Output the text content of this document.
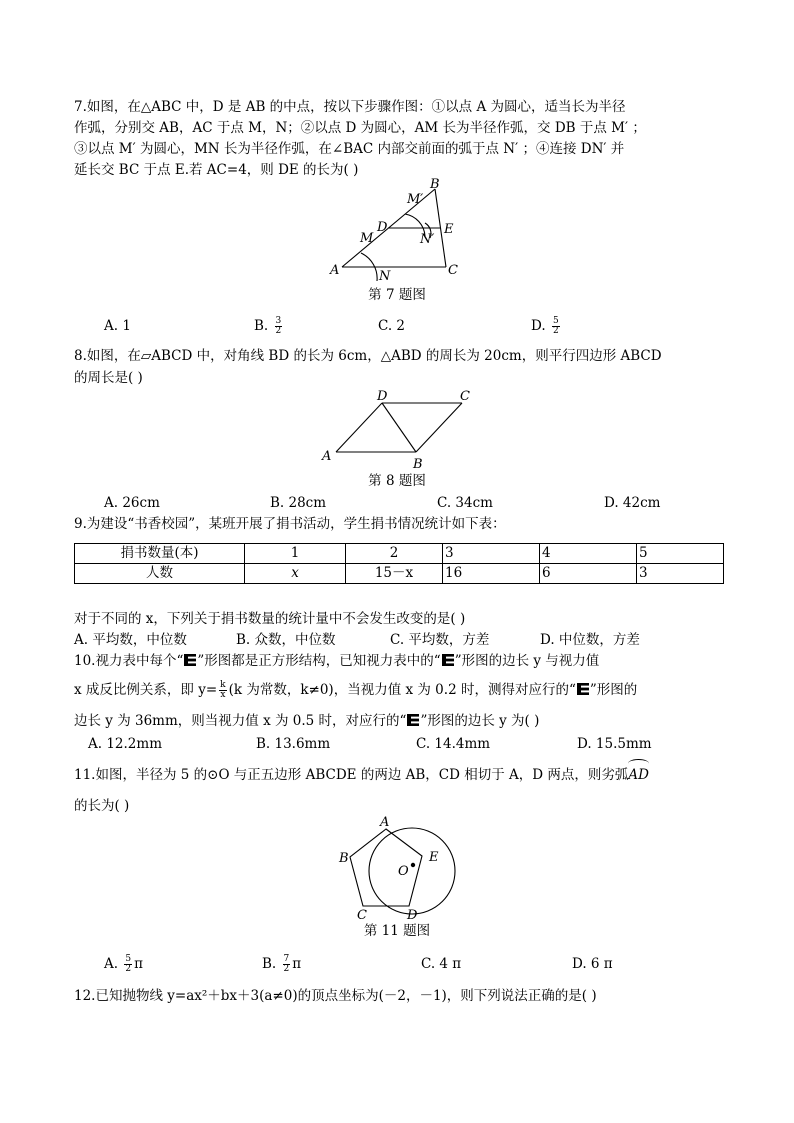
7.如图，在△ABC 中，D 是 AB 的中点，按以下步骤作图：①以点 A 为圆心，适当长为半径
作弧，分别交 AB，AC 于点 M，N；②以点 D 为圆心，AM 长为半径作弧，交 DB 于点 M′ ；
③以点 M′ 为圆心，MN 长为半径作弧，在∠BAC 内部交前面的弧于点 N′ ；④连接 DN′ 并
延长交 BC 于点 E.若 AC=4，则 DE 的长为( )
A
B
C
D	E
M
N
M′
N′
第 7 题图
A. 1	B. $\frac{3}{2}$	C. 2	D. $\frac{5}{2}$
8.如图，在▱ABCD 中，对角线 BD 的长为 6cm，△ABD 的周长为 20cm，则平行四边形 ABCD
的周长是( )
A
B
C
D
第 8 题图
A. 26cm	B. 28cm	C. 34cm	D. 42cm
9.为建设“书香校园”，某班开展了捐书活动，学生捐书情况统计如下表：
捐书数量(本)	1	2	3	4	5
人数	x	15－x	16	6	3
对于不同的 x，下列关于捐书数量的统计量中不会发生改变的是( )
A. 平均数，中位数	B. 众数，中位数	C. 平均数，方差	D. 中位数，方差
10.视力表中每个“ ”形图都是正方形结构，已知视力表中的“ ”形图的边长 y 与视力值
x 成反比例关系，即 $y= \frac{k}{x} (k$ 为常数，k≠0)，当视力值 x 为 0.2 时，测得对应行的“ ”形图的
边长 y 为 36mm，则当视力值 x 为 0.5 时，对应行的“ ”形图的边长 y 为( )
A. 12.2mm	B. 13.6mm	C. 14.4mm	D. 15.5mm
11.如图，半径为 5 的⊙O 与正五边形 ABCDE 的两边 AB，CD 相切于 A，D 两点，则劣弧AD
的长为( )
A
B
C	D
E
O
第 11 题图
A. $\frac{5}{2}$ π	B. $\frac{7}{2}$ π	C. 4 π	D. 6 π
12.已知抛物线 y=ax²＋bx＋3(a≠0)的顶点坐标为(－2，－1)，则下列说法正确的是( )
